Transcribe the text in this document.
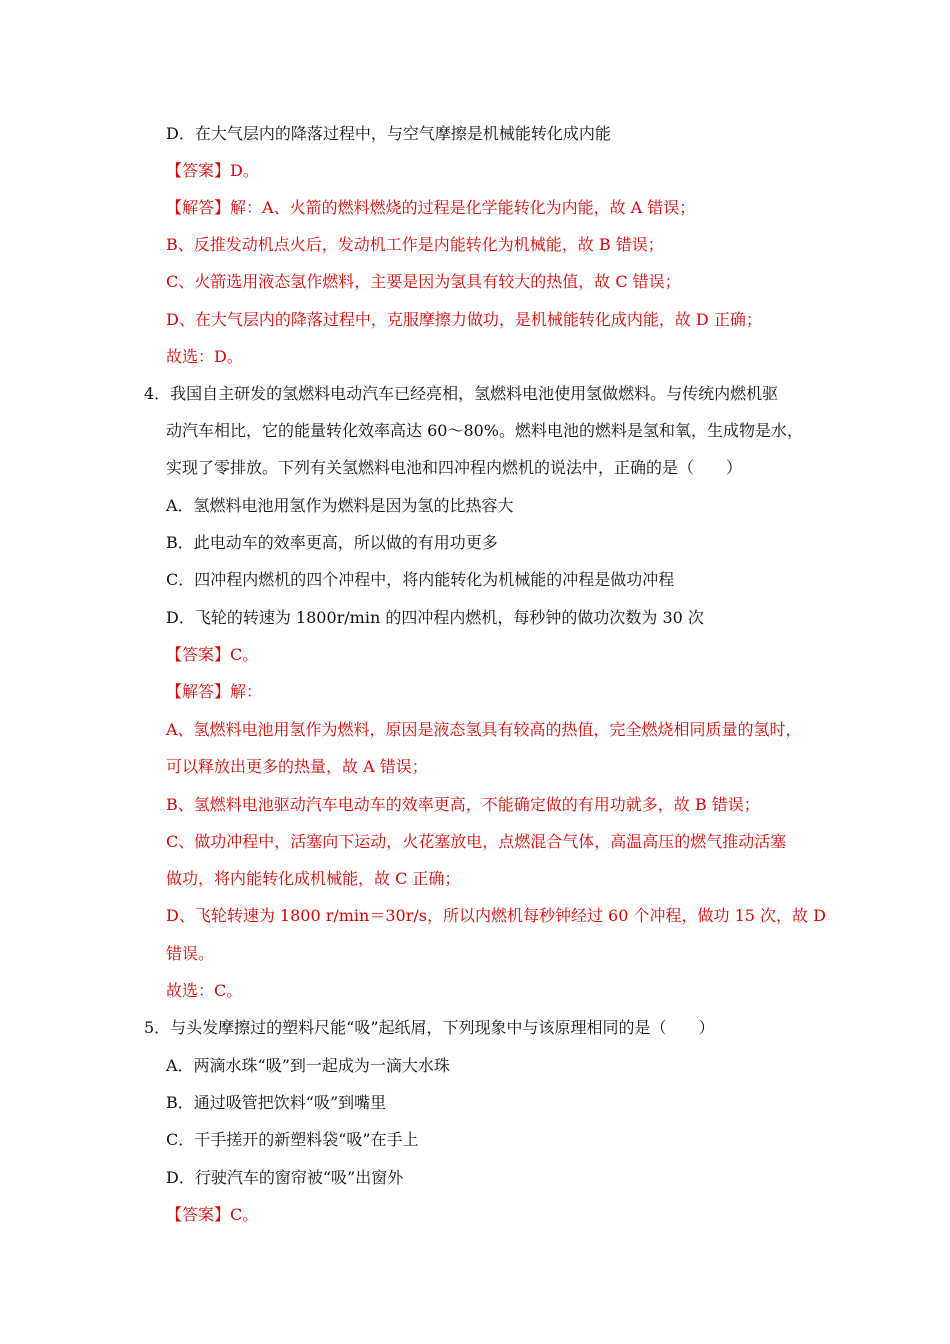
D．在大气层内的降落过程中，与空气摩擦是机械能转化成内能
【答案】D。
【解答】解：A、火箭的燃料燃烧的过程是化学能转化为内能，故 A 错误；
B、反推发动机点火后，发动机工作是内能转化为机械能，故 B 错误；
C、火箭选用液态氢作燃料，主要是因为氢具有较大的热值，故 C 错误；
D、在大气层内的降落过程中，克服摩擦力做功，是机械能转化成内能，故 D 正确；
故选：D。
4．我国自主研发的氢燃料电动汽车已经亮相，氢燃料电池使用氢做燃料。与传统内燃机驱
动汽车相比，它的能量转化效率高达 60～80%。燃料电池的燃料是氢和氧，生成物是水，
实现了零排放。下列有关氢燃料电池和四冲程内燃机的说法中，正确的是（　　）
A．氢燃料电池用氢作为燃料是因为氢的比热容大
B．此电动车的效率更高，所以做的有用功更多
C．四冲程内燃机的四个冲程中，将内能转化为机械能的冲程是做功冲程
D．飞轮的转速为 1800r/min 的四冲程内燃机，每秒钟的做功次数为 30 次
【答案】C。
【解答】解：
A、氢燃料电池用氢作为燃料，原因是液态氢具有较高的热值，完全燃烧相同质量的氢时，
可以释放出更多的热量，故 A 错误；
B、氢燃料电池驱动汽车电动车的效率更高，不能确定做的有用功就多，故 B 错误；
C、做功冲程中，活塞向下运动，火花塞放电，点燃混合气体，高温高压的燃气推动活塞
做功，将内能转化成机械能，故 C 正确；
D、飞轮转速为 1800 r/min＝30r/s，所以内燃机每秒钟经过 60 个冲程，做功 15 次，故 D
错误。
故选：C。
5．与头发摩擦过的塑料尺能“吸”起纸屑，下列现象中与该原理相同的是（　　）
A．两滴水珠“吸”到一起成为一滴大水珠
B．通过吸管把饮料“吸”到嘴里
C．干手搓开的新塑料袋“吸”在手上
D．行驶汽车的窗帘被“吸”出窗外
【答案】C。
